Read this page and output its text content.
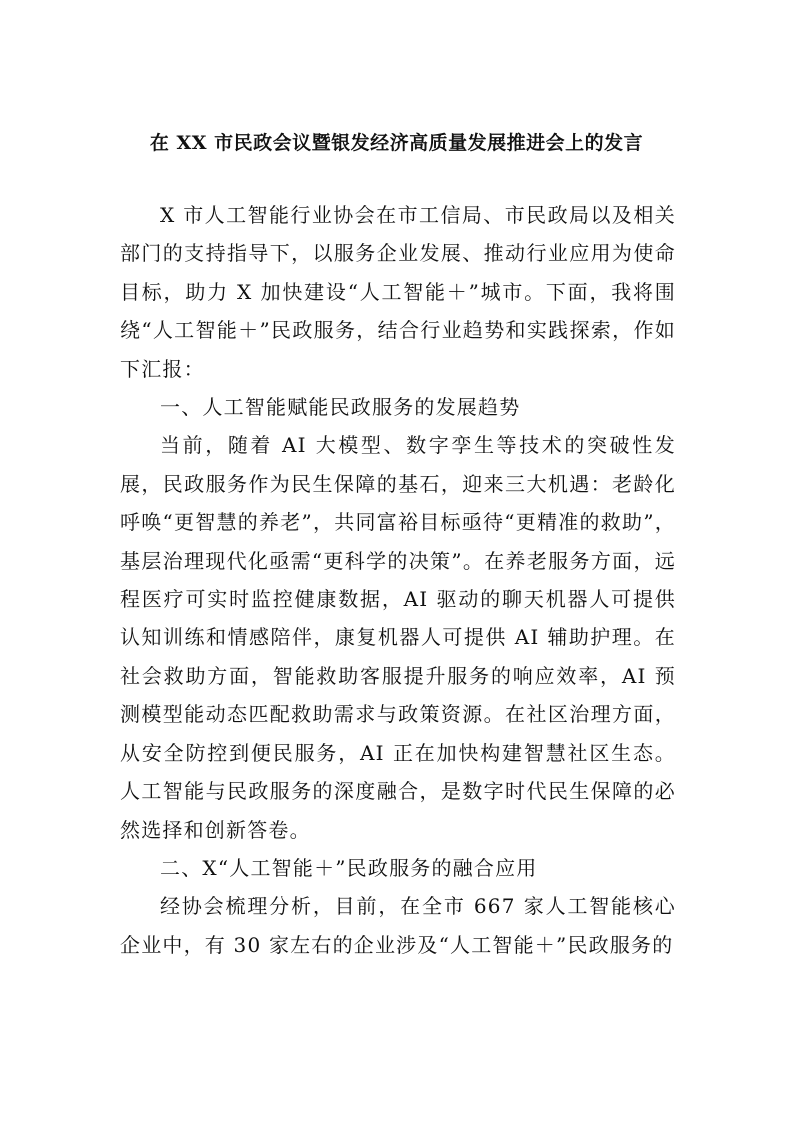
在 XX 市民政会议暨银发经济高质量发展推进会上的发言

X 市人工智能行业协会在市工信局、市民政局以及相关部门的支持指导下，以服务企业发展、推动行业应用为使命目标，助力 X 加快建设“人工智能＋”城市。下面，我将围绕“人工智能＋”民政服务，结合行业趋势和实践探索，作如下汇报：

一、人工智能赋能民政服务的发展趋势

当前，随着 AI 大模型、数字孪生等技术的突破性发展，民政服务作为民生保障的基石，迎来三大机遇：老龄化呼唤“更智慧的养老”，共同富裕目标亟待“更精准的救助”，基层治理现代化亟需“更科学的决策”。在养老服务方面，远程医疗可实时监控健康数据，AI 驱动的聊天机器人可提供认知训练和情感陪伴，康复机器人可提供 AI 辅助护理。在社会救助方面，智能救助客服提升服务的响应效率，AI 预测模型能动态匹配救助需求与政策资源。在社区治理方面，从安全防控到便民服务，AI 正在加快构建智慧社区生态。人工智能与民政服务的深度融合，是数字时代民生保障的必然选择和创新答卷。

二、X“人工智能＋”民政服务的融合应用

经协会梳理分析，目前，在全市 667 家人工智能核心企业中，有 30 家左右的企业涉及“人工智能＋”民政服务的
